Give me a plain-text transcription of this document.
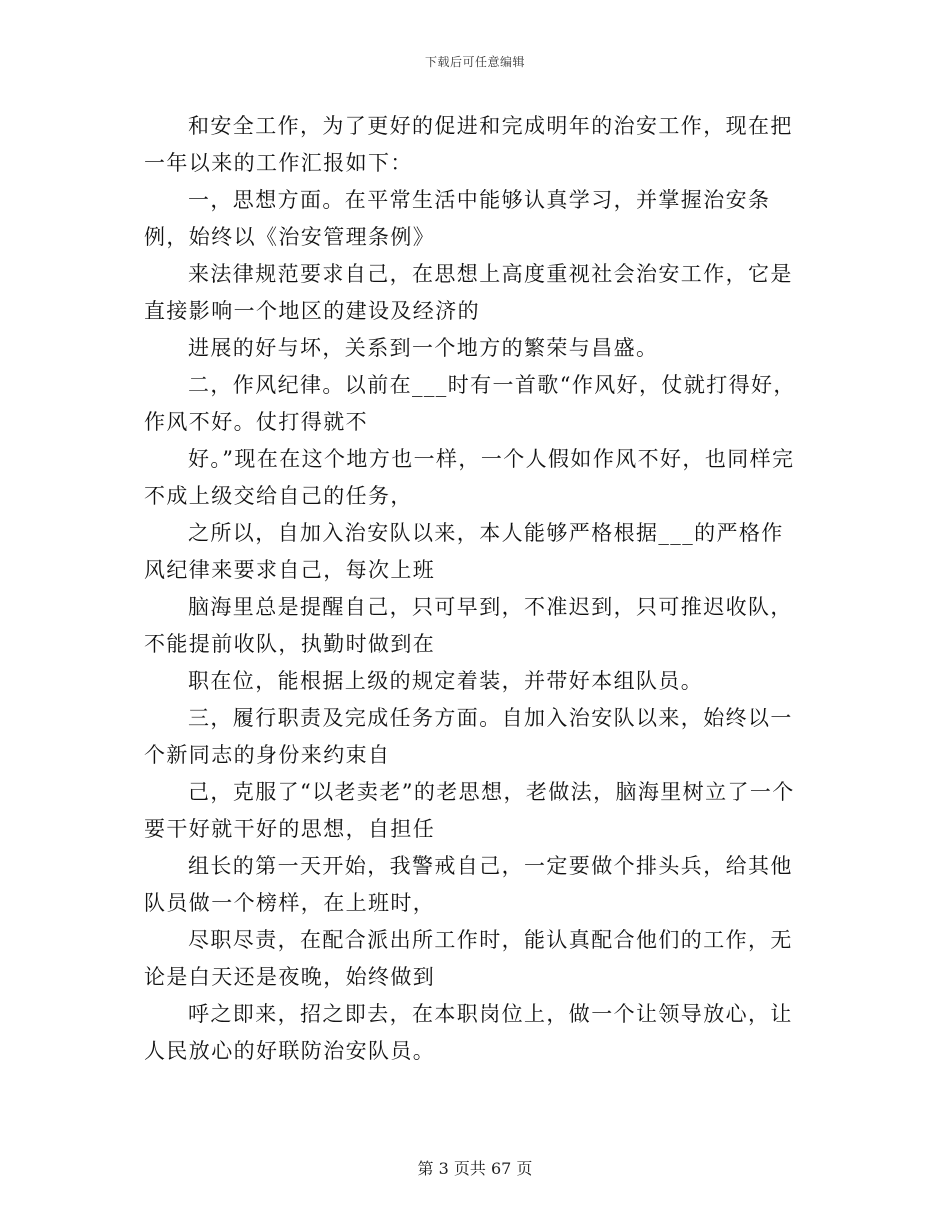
下载后可任意编辑

和安全工作，为了更好的促进和完成明年的治安工作，现在把一年以来的工作汇报如下：

一，思想方面。在平常生活中能够认真学习，并掌握治安条例，始终以《治安管理条例》

来法律规范要求自己，在思想上高度重视社会治安工作，它是直接影响一个地区的建设及经济的

进展的好与坏，关系到一个地方的繁荣与昌盛。

二，作风纪律。以前在___时有一首歌“作风好，仗就打得好，作风不好。仗打得就不

好。”现在在这个地方也一样，一个人假如作风不好，也同样完不成上级交给自己的任务，

之所以，自加入治安队以来，本人能够严格根据___的严格作风纪律来要求自己，每次上班

脑海里总是提醒自己，只可早到，不准迟到，只可推迟收队，不能提前收队，执勤时做到在

职在位，能根据上级的规定着装，并带好本组队员。

三，履行职责及完成任务方面。自加入治安队以来，始终以一个新同志的身份来约束自

己，克服了“以老卖老”的老思想，老做法，脑海里树立了一个要干好就干好的思想，自担任

组长的第一天开始，我警戒自己，一定要做个排头兵，给其他队员做一个榜样，在上班时，

尽职尽责，在配合派出所工作时，能认真配合他们的工作，无论是白天还是夜晚，始终做到

呼之即来，招之即去，在本职岗位上，做一个让领导放心，让人民放心的好联防治安队员。

第 3 页共 67 页
